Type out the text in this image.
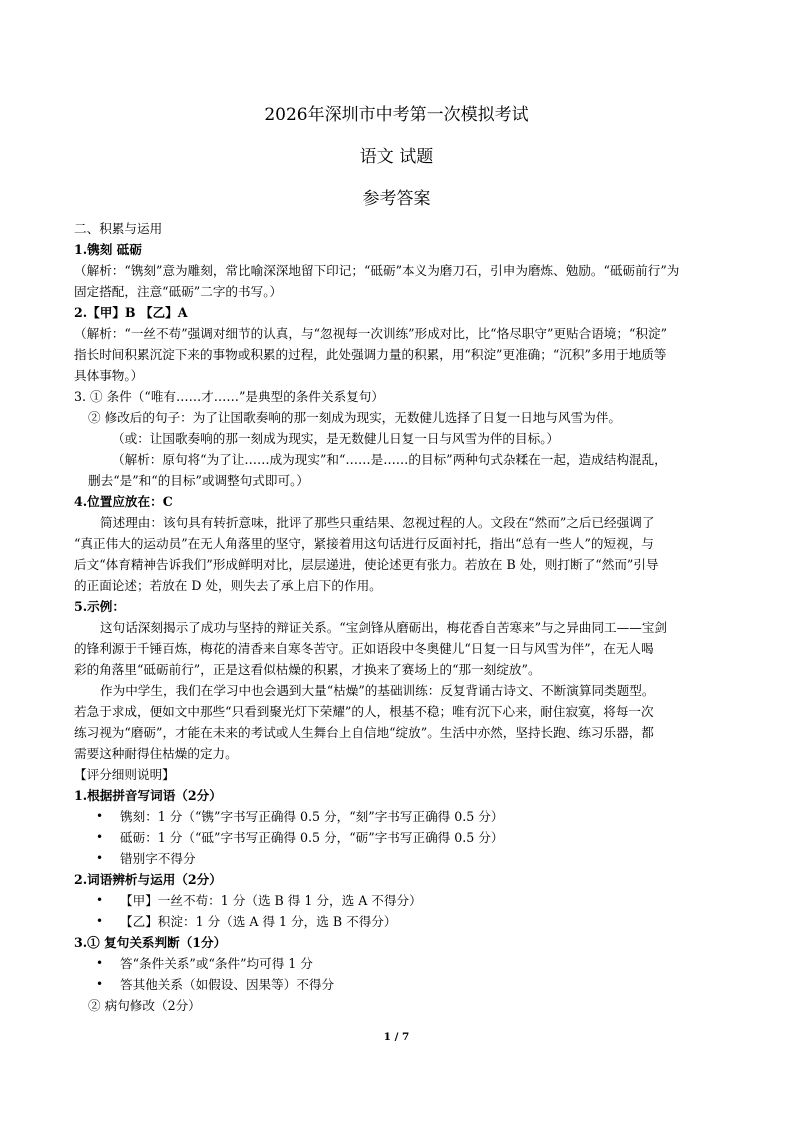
2026年深圳市中考第一次模拟考试
语文 试题
参考答案
二、积累与运用
1.镌刻 砥砺
（解析：“镌刻”意为雕刻，常比喻深深地留下印记；“砥砺”本义为磨刀石，引申为磨炼、勉励。“砥砺前行”为
固定搭配，注意“砥砺”二字的书写。）
2.【甲】B 【乙】A
（解析：“一丝不苟”强调对细节的认真，与“忽视每一次训练”形成对比，比“恪尽职守”更贴合语境；“积淀”
指长时间积累沉淀下来的事物或积累的过程，此处强调力量的积累，用“积淀”更准确；“沉积”多用于地质等
具体事物。）
3. ① 条件（“唯有……才……”是典型的条件关系复句）
② 修改后的句子：为了让国歌奏响的那一刻成为现实，无数健儿选择了日复一日地与风雪为伴。
（或：让国歌奏响的那一刻成为现实，是无数健儿日复一日与风雪为伴的目标。）
（解析：原句将“为了让……成为现实”和“……是……的目标”两种句式杂糅在一起，造成结构混乱，
删去“是”和“的目标”或调整句式即可。）
4.位置应放在：C
简述理由：该句具有转折意味，批评了那些只重结果、忽视过程的人。文段在“然而”之后已经强调了
“真正伟大的运动员”在无人角落里的坚守，紧接着用这句话进行反面衬托，指出“总有一些人”的短视，与
后文“体育精神告诉我们”形成鲜明对比，层层递进，使论述更有张力。若放在 B 处，则打断了“然而”引导
的正面论述；若放在 D 处，则失去了承上启下的作用。
5.示例：
这句话深刻揭示了成功与坚持的辩证关系。“宝剑锋从磨砺出，梅花香自苦寒来”与之异曲同工——宝剑
的锋利源于千锤百炼，梅花的清香来自寒冬苦守。正如语段中冬奥健儿“日复一日与风雪为伴”，在无人喝
彩的角落里“砥砺前行”，正是这看似枯燥的积累，才换来了赛场上的“那一刻绽放”。
作为中学生，我们在学习中也会遇到大量“枯燥”的基础训练：反复背诵古诗文、不断演算同类题型。
若急于求成，便如文中那些“只看到聚光灯下荣耀”的人，根基不稳；唯有沉下心来，耐住寂寞，将每一次
练习视为“磨砺”，才能在未来的考试或人生舞台上自信地“绽放”。生活中亦然，坚持长跑、练习乐器，都
需要这种耐得住枯燥的定力。
【评分细则说明】
1.根据拼音写词语（2分）
• 镌刻：1 分（“镌”字书写正确得 0.5 分，“刻”字书写正确得 0.5 分）
• 砥砺：1 分（“砥”字书写正确得 0.5 分，“砺”字书写正确得 0.5 分）
• 错别字不得分
2.词语辨析与运用（2分）
• 【甲】一丝不苟：1 分（选 B 得 1 分，选 A 不得分）
• 【乙】积淀：1 分（选 A 得 1 分，选 B 不得分）
3.① 复句关系判断（1分）
• 答“条件关系”或“条件”均可得 1 分
• 答其他关系（如假设、因果等）不得分
② 病句修改（2分）
1 / 7
